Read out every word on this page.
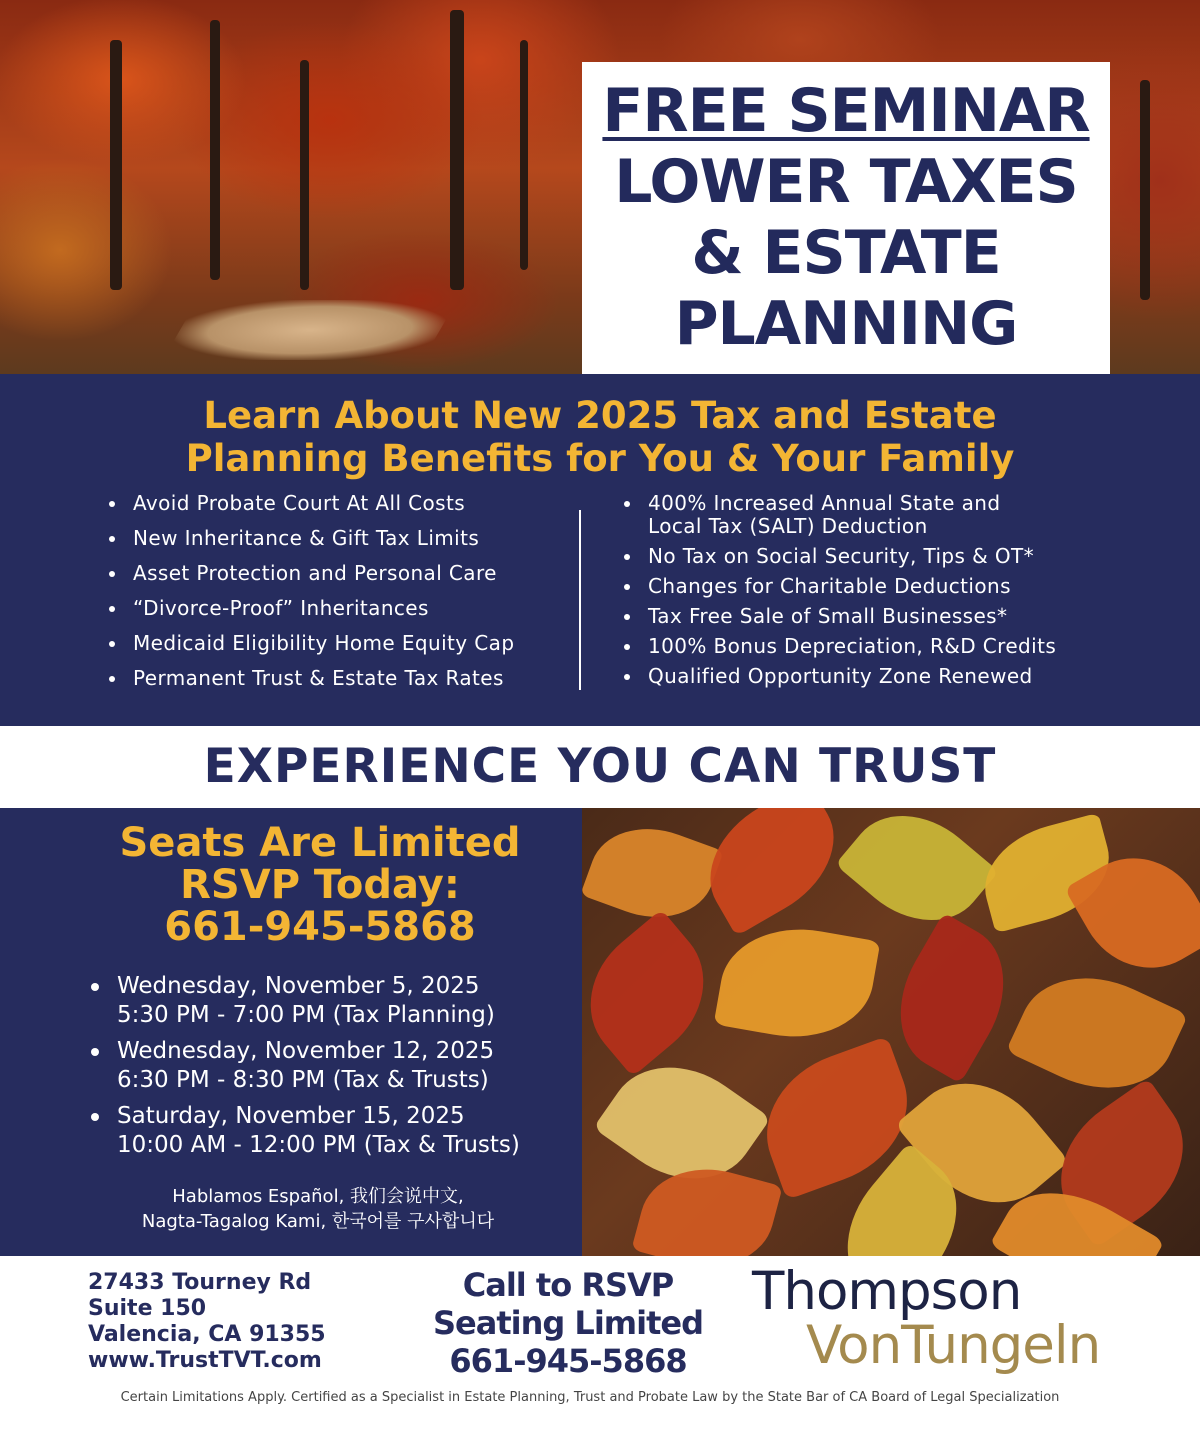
FREE SEMINAR
LOWER TAXES
& ESTATE
PLANNING
Learn About New 2025 Tax and Estate
Planning Benefits for You & Your Family
Avoid Probate Court At All Costs
New Inheritance & Gift Tax Limits
Asset Protection and Personal Care
“Divorce-Proof” Inheritances
Medicaid Eligibility Home Equity Cap
Permanent Trust & Estate Tax Rates
400% Increased Annual State and Local Tax (SALT) Deduction
No Tax on Social Security, Tips & OT*
Changes for Charitable Deductions
Tax Free Sale of Small Businesses*
100% Bonus Depreciation, R&D Credits
Qualified Opportunity Zone Renewed
EXPERIENCE YOU CAN TRUST
Seats Are Limited
RSVP Today:
661-945-5868
Wednesday, November 5, 2025
5:30 PM - 7:00 PM (Tax Planning)
Wednesday, November 12, 2025
6:30 PM - 8:30 PM (Tax & Trusts)
Saturday, November 15, 2025
10:00 AM - 12:00 PM (Tax & Trusts)
Hablamos Español, 我们会说中文,
Nagta-Tagalog Kami, 한국어를 구사합니다
27433 Tourney Rd
Suite 150
Valencia, CA 91355
www.TrustTVT.com
Call to RSVP
Seating Limited
661-945-5868
Thompson
VonTungeln
Certain Limitations Apply. Certified as a Specialist in Estate Planning, Trust and Probate Law by the State Bar of CA Board of Legal Specialization
